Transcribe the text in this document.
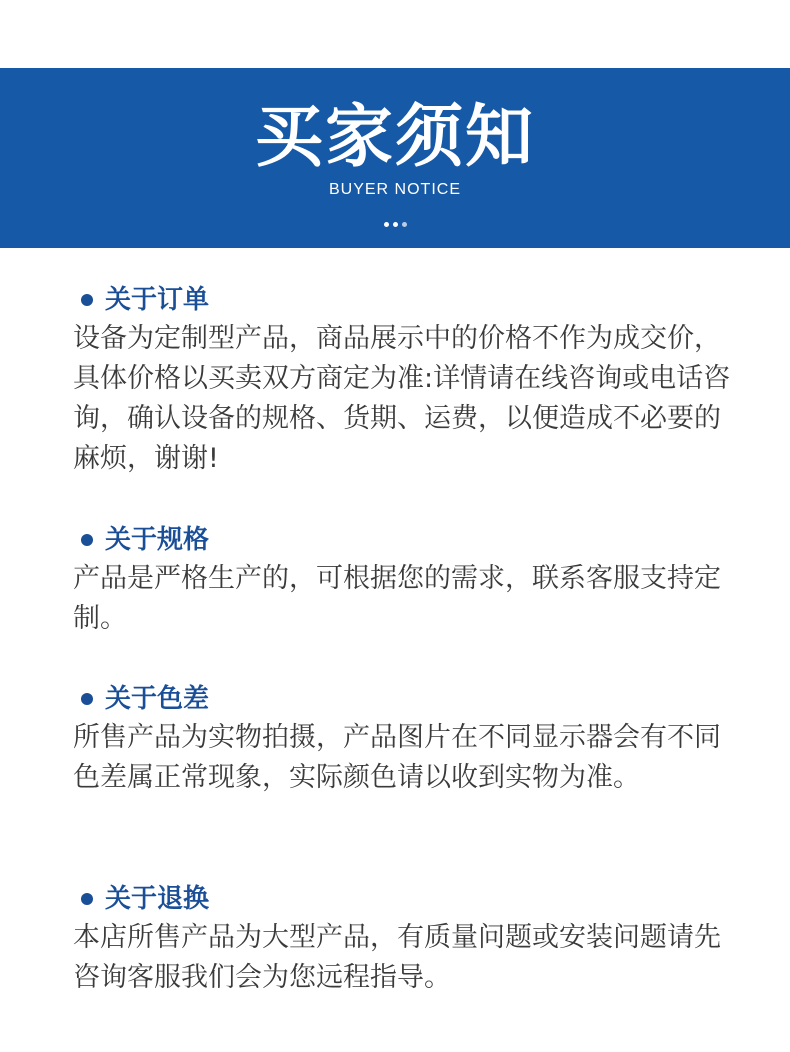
买家须知
BUYER NOTICE
关于订单
设备为定制型产品，商品展示中的价格不作为成交价，具体价格以买卖双方商定为准:详情请在线咨询或电话咨询，确认设备的规格、货期、运费，以便造成不必要的麻烦，谢谢!
关于规格
产品是严格生产的，可根据您的需求，联系客服支持定制。
关于色差
所售产品为实物拍摄，产品图片在不同显示器会有不同色差属正常现象，实际颜色请以收到实物为准。
关于退换
本店所售产品为大型产品，有质量问题或安装问题请先咨询客服我们会为您远程指导。
